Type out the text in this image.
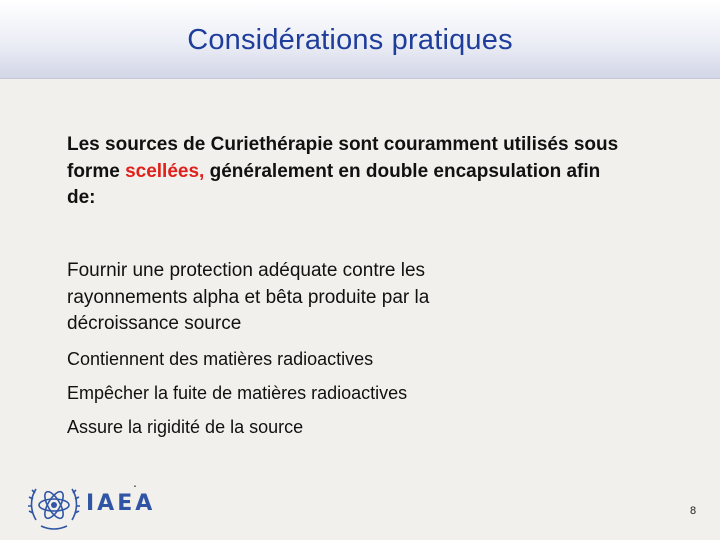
Considérations pratiques
Les sources de Curiethérapie sont couramment utilisés sous forme scellées, généralement en double encapsulation afin de:
Fournir une protection adéquate contre les rayonnements alpha et bêta produite par la décroissance source
Contiennent des matières radioactives
Empêcher la fuite de matières radioactives
Assure la rigidité de la source
.
IAEA	8
